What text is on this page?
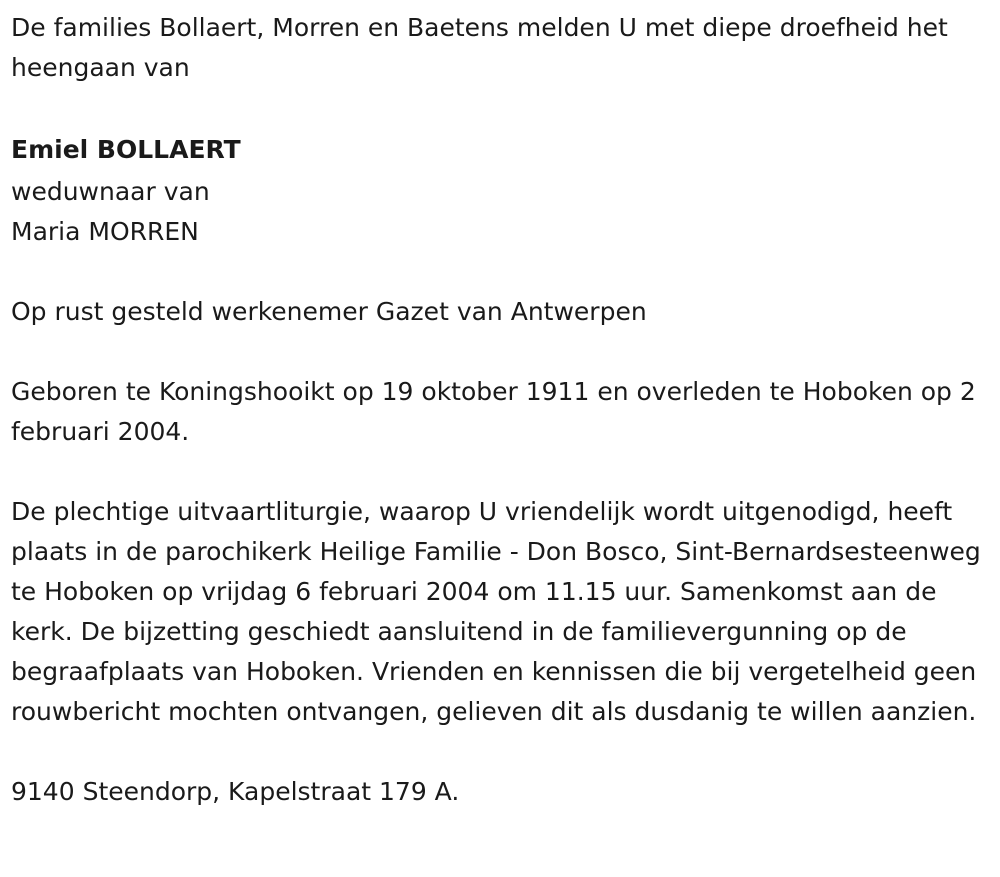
De families Bollaert, Morren en Baetens melden U met diepe droefheid het heengaan van

Emiel BOLLAERT

weduwnaar van

Maria MORREN

Op rust gesteld werkenemer Gazet van Antwerpen

Geboren te Koningshooikt op 19 oktober 1911 en overleden te Hoboken op 2 februari 2004.

De plechtige uitvaartliturgie, waarop U vriendelijk wordt uitgenodigd, heeft plaats in de parochikerk Heilige Familie - Don Bosco, Sint-Bernardsesteenweg te Hoboken op vrijdag 6 februari 2004 om 11.15 uur. Samenkomst aan de kerk. De bijzetting geschiedt aansluitend in de familievergunning op de begraafplaats van Hoboken. Vrienden en kennissen die bij vergetelheid geen rouwbericht mochten ontvangen, gelieven dit als dusdanig te willen aanzien.

9140 Steendorp, Kapelstraat 179 A.
